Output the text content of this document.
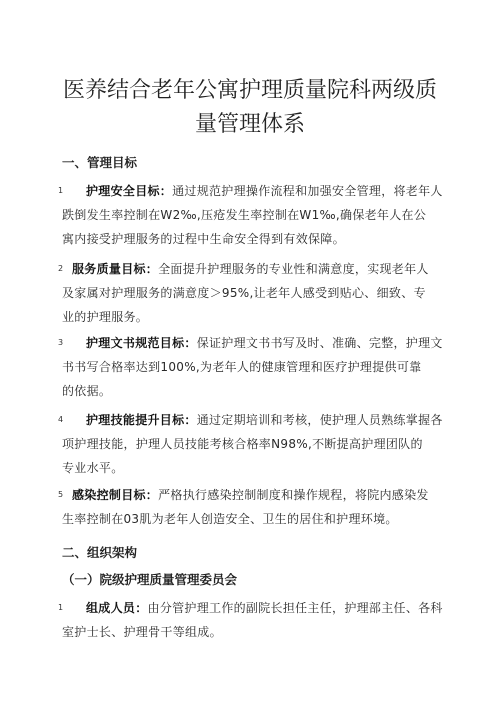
医养结合老年公寓护理质量院科两级质
量管理体系
一、管理目标
1 护理安全目标：通过规范护理操作流程和加强安全管理，将老年人
跌倒发生率控制在W2‰,压疮发生率控制在W1‰,确保老年人在公
寓内接受护理服务的过程中生命安全得到有效保障。
2 服务质量目标：全面提升护理服务的专业性和满意度，实现老年人
及家属对护理服务的满意度＞95%,让老年人感受到贴心、细致、专
业的护理服务。
3 护理文书规范目标：保证护理文书书写及时、准确、完整，护理文
书书写合格率达到100%,为老年人的健康管理和医疗护理提供可靠
的依据。
4 护理技能提升目标：通过定期培训和考核，使护理人员熟练掌握各
项护理技能，护理人员技能考核合格率N98%,不断提高护理团队的
专业水平。
5 感染控制目标：严格执行感染控制制度和操作规程，将院内感染发
生率控制在03肌为老年人创造安全、卫生的居住和护理环境。
二、组织架构
（一）院级护理质量管理委员会
1 组成人员：由分管护理工作的副院长担任主任，护理部主任、各科
室护士长、护理骨干等组成。
